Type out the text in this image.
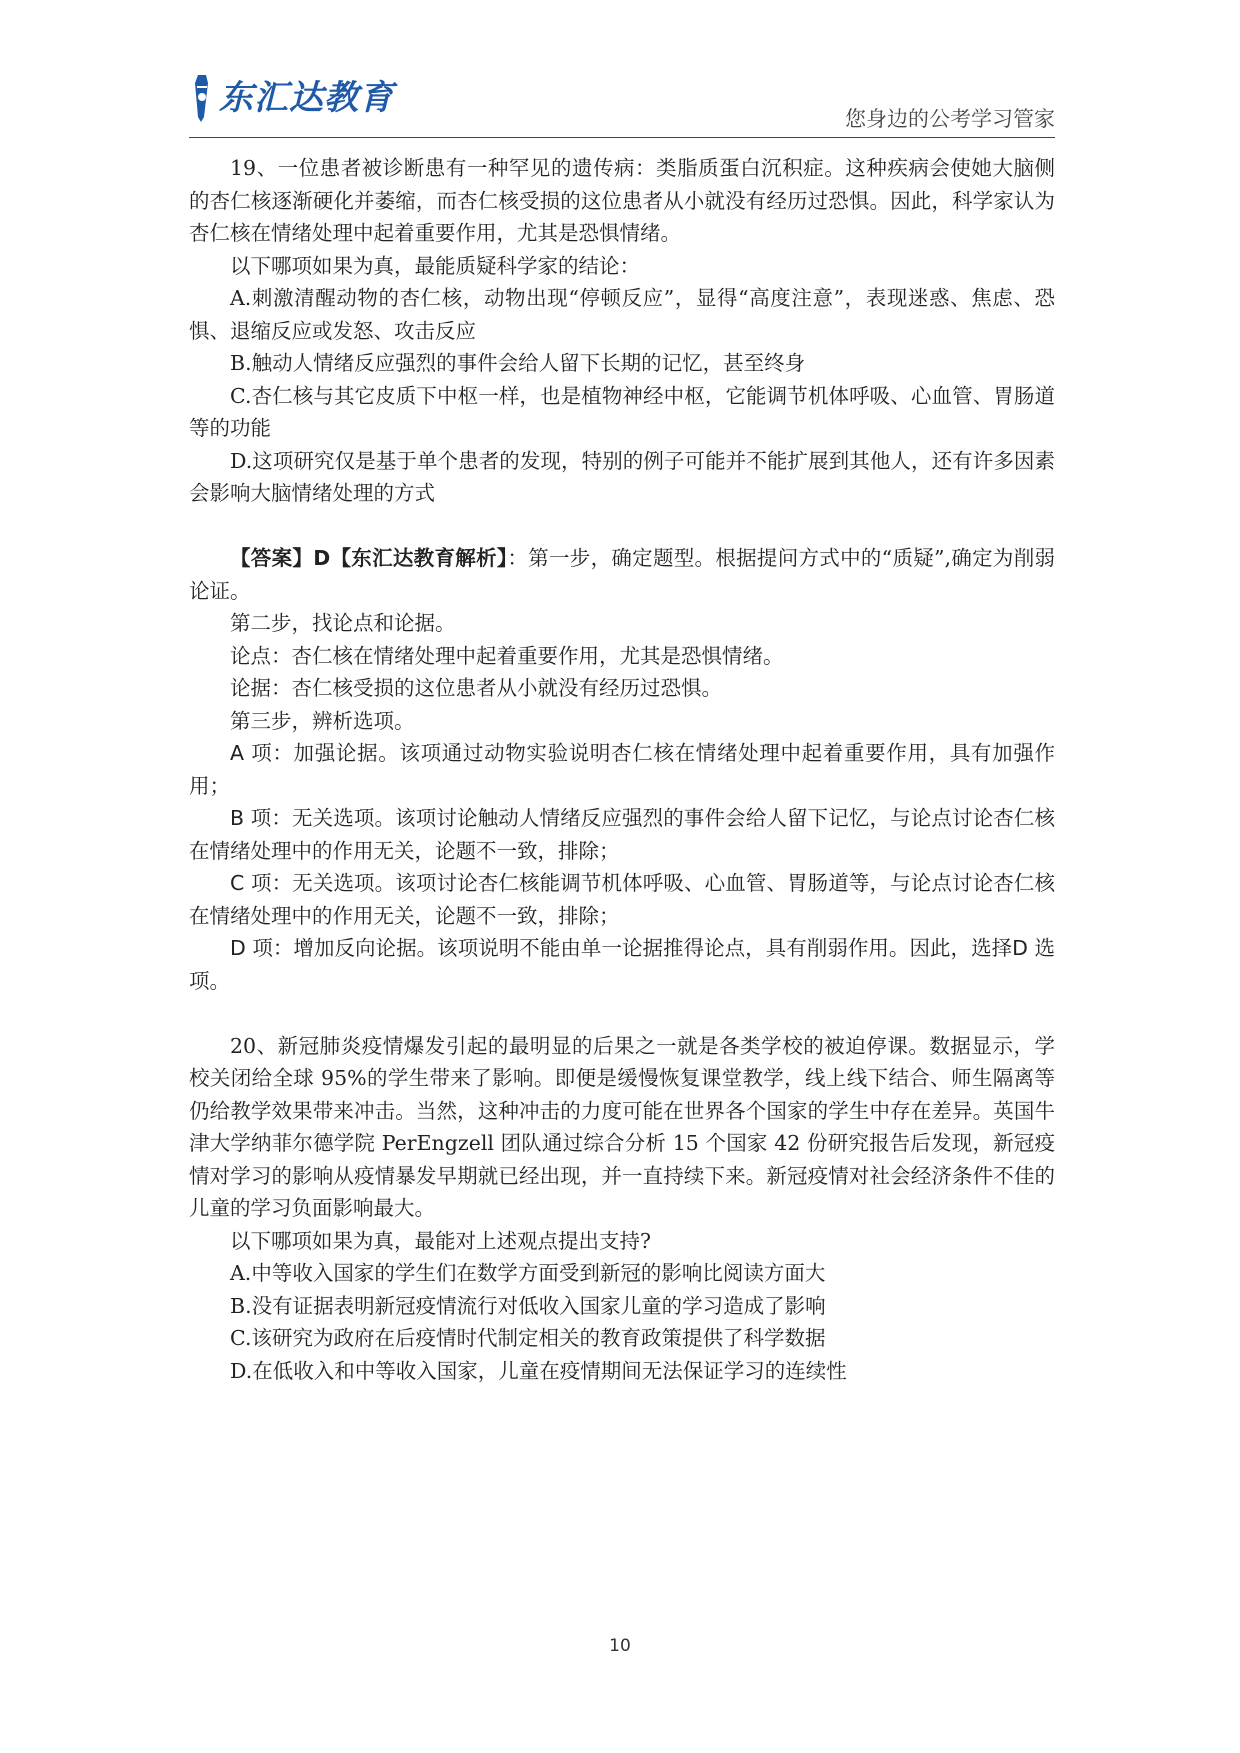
东汇达教育
您身边的公考学习管家

19、一位患者被诊断患有一种罕见的遗传病：类脂质蛋白沉积症。这种疾病会使她大脑侧的杏仁核逐渐硬化并萎缩，而杏仁核受损的这位患者从小就没有经历过恐惧。因此，科学家认为杏仁核在情绪处理中起着重要作用，尤其是恐惧情绪。

以下哪项如果为真，最能质疑科学家的结论：

A.刺激清醒动物的杏仁核，动物出现“停顿反应”，显得“高度注意”，表现迷惑、焦虑、恐惧、退缩反应或发怒、攻击反应

B.触动人情绪反应强烈的事件会给人留下长期的记忆，甚至终身

C.杏仁核与其它皮质下中枢一样，也是植物神经中枢，它能调节机体呼吸、心血管、胃肠道等的功能

D.这项研究仅是基于单个患者的发现，特别的例子可能并不能扩展到其他人，还有许多因素会影响大脑情绪处理的方式

【答案】D【东汇达教育解析】：第一步，确定题型。根据提问方式中的“质疑”,确定为削弱论证。

第二步，找论点和论据。

论点：杏仁核在情绪处理中起着重要作用，尤其是恐惧情绪。

论据：杏仁核受损的这位患者从小就没有经历过恐惧。

第三步，辨析选项。

A 项：加强论据。该项通过动物实验说明杏仁核在情绪处理中起着重要作用，具有加强作用；

B 项：无关选项。该项讨论触动人情绪反应强烈的事件会给人留下记忆，与论点讨论杏仁核在情绪处理中的作用无关，论题不一致，排除；

C 项：无关选项。该项讨论杏仁核能调节机体呼吸、心血管、胃肠道等，与论点讨论杏仁核在情绪处理中的作用无关，论题不一致，排除；

D 项：增加反向论据。该项说明不能由单一论据推得论点，具有削弱作用。因此，选择D 选项。

20、新冠肺炎疫情爆发引起的最明显的后果之一就是各类学校的被迫停课。数据显示，学校关闭给全球 95%的学生带来了影响。即便是缓慢恢复课堂教学，线上线下结合、师生隔离等仍给教学效果带来冲击。当然，这种冲击的力度可能在世界各个国家的学生中存在差异。英国牛津大学纳菲尔德学院 PerEngzell 团队通过综合分析 15 个国家 42 份研究报告后发现，新冠疫情对学习的影响从疫情暴发早期就已经出现，并一直持续下来。新冠疫情对社会经济条件不佳的儿童的学习负面影响最大。

以下哪项如果为真，最能对上述观点提出支持?

A.中等收入国家的学生们在数学方面受到新冠的影响比阅读方面大

B.没有证据表明新冠疫情流行对低收入国家儿童的学习造成了影响

C.该研究为政府在后疫情时代制定相关的教育政策提供了科学数据

D.在低收入和中等收入国家，儿童在疫情期间无法保证学习的连续性

10
